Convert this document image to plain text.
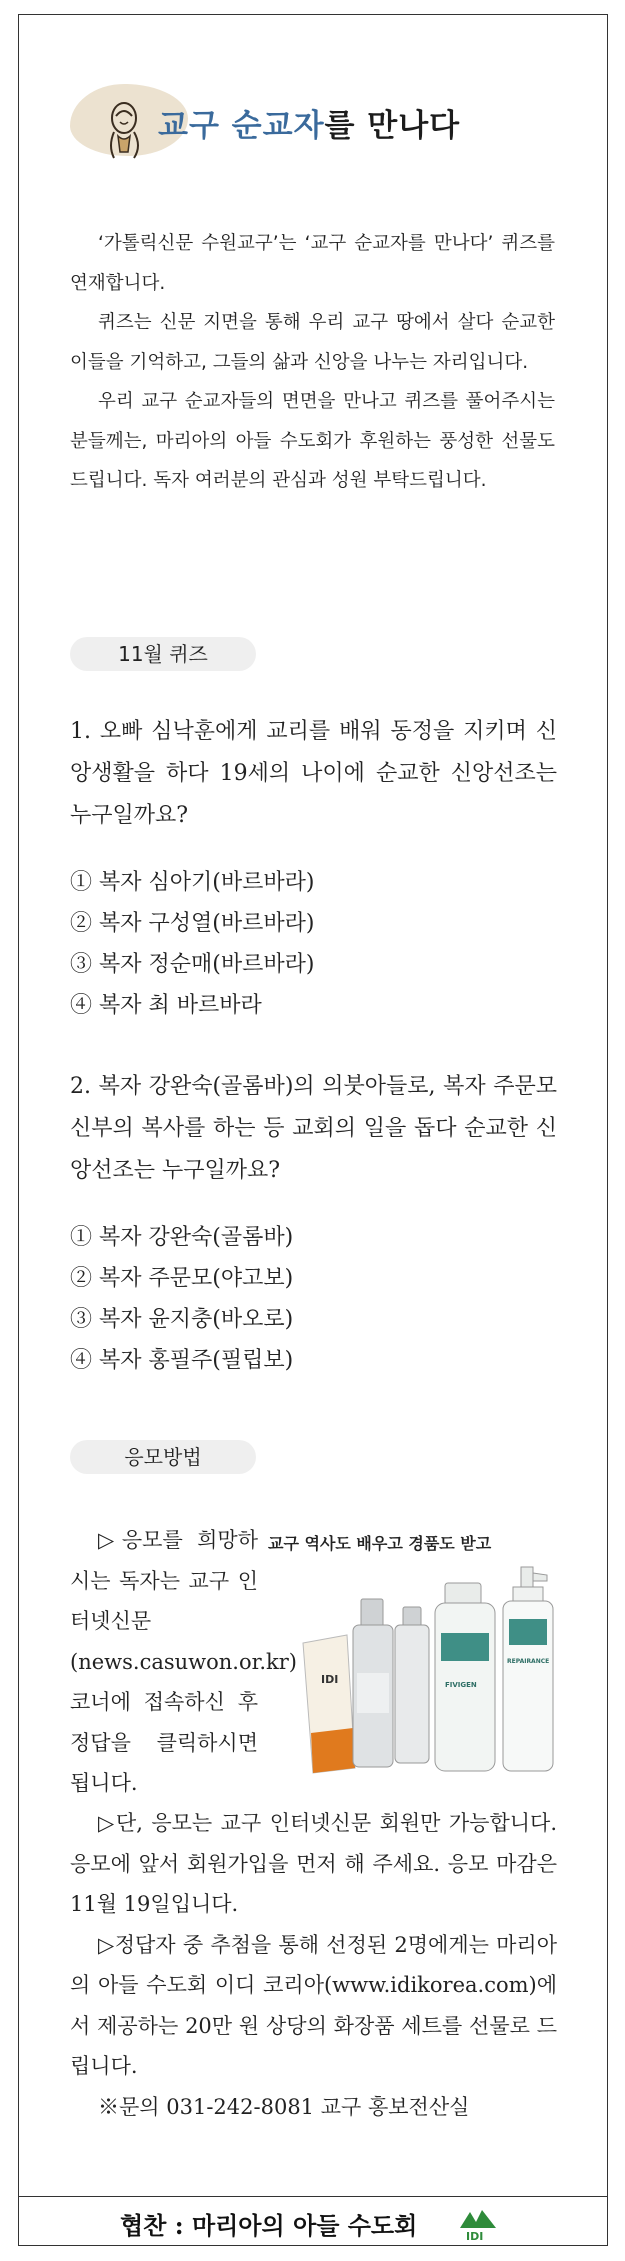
교구 순교자를 만나다

‘가톨릭신문 수원교구’는 ‘교구 순교자를 만나다’ 퀴즈를 연재합니다.

퀴즈는 신문 지면을 통해 우리 교구 땅에서 살다 순교한 이들을 기억하고, 그들의 삶과 신앙을 나누는 자리입니다.

우리 교구 순교자들의 면면을 만나고 퀴즈를 풀어주시는 분들께는, 마리아의 아들 수도회가 후원하는 풍성한 선물도 드립니다. 독자 여러분의 관심과 성원 부탁드립니다.

11월 퀴즈

1. 오빠 심낙훈에게 교리를 배워 동정을 지키며 신앙생활을 하다 19세의 나이에 순교한 신앙선조는 누구일까요?

① 복자 심아기(바르바라)

② 복자 구성열(바르바라)

③ 복자 정순매(바르바라)

④ 복자 최 바르바라

2. 복자 강완숙(골롬바)의 의붓아들로, 복자 주문모 신부의 복사를 하는 등 교회의 일을 돕다 순교한 신앙선조는 누구일까요?

① 복자 강완숙(골롬바)

② 복자 주문모(야고보)

③ 복자 윤지충(바오로)

④ 복자 홍필주(필립보)

응모방법
교구 역사도 배우고 경품도 받고
IDI	FIVIGEN
REPAIRANCE
▷응모를 희망하시는 독자는 교구 인터넷신문(news.casuwon.or.kr) 코너에 접속하신 후 정답을 클릭하시면 됩니다.

▷단, 응모는 교구 인터넷신문 회원만 가능합니다. 응모에 앞서 회원가입을 먼저 해 주세요. 응모 마감은 11월 19일입니다.

▷정답자 중 추첨을 통해 선정된 2명에게는 마리아의 아들 수도회 이디 코리아(www.idikorea.com)에서 제공하는 20만 원 상당의 화장품 세트를 선물로 드립니다.

※문의 031-242-8081 교구 홍보전산실

협찬 : 마리아의 아들 수도회	IDI
